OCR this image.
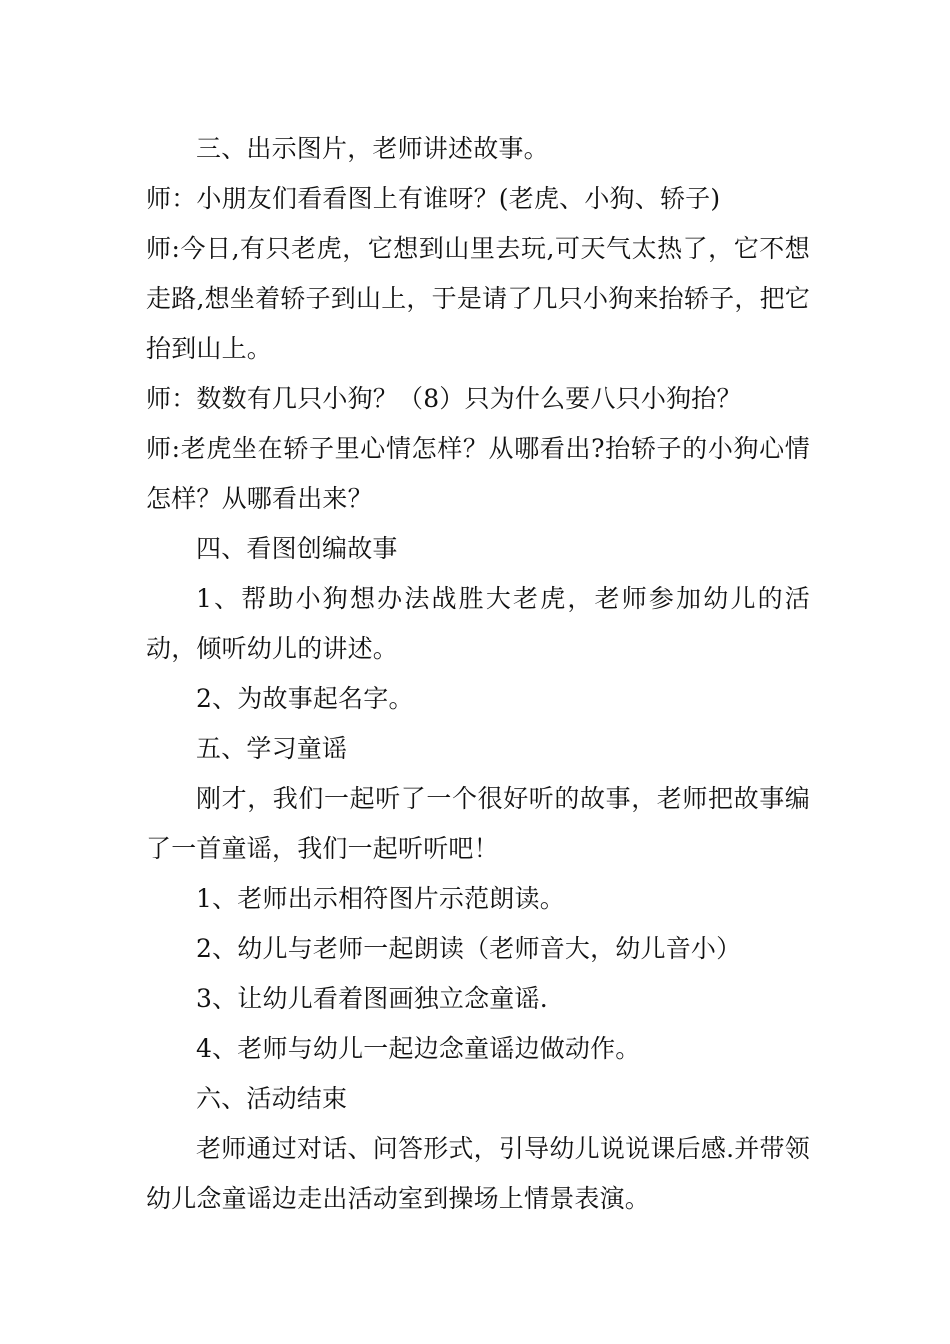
三、出示图片，老师讲述故事。

师：小朋友们看看图上有谁呀？(老虎、小狗、轿子)

师:今日,有只老虎，它想到山里去玩,可天气太热了，它不想走路,想坐着轿子到山上，于是请了几只小狗来抬轿子，把它抬到山上。

师：数数有几只小狗？（8）只为什么要八只小狗抬？

师:老虎坐在轿子里心情怎样？从哪看出?抬轿子的小狗心情怎样？从哪看出来？

四、看图创编故事

1、帮助小狗想办法战胜大老虎，老师参加幼儿的活动，倾听幼儿的讲述。

2、为故事起名字。

五、学习童谣

刚才，我们一起听了一个很好听的故事，老师把故事编了一首童谣，我们一起听听吧！

1、老师出示相符图片示范朗读。

2、幼儿与老师一起朗读（老师音大，幼儿音小）

3、让幼儿看着图画独立念童谣.

4、老师与幼儿一起边念童谣边做动作。

六、活动结束

老师通过对话、问答形式，引导幼儿说说课后感.并带领幼儿念童谣边走出活动室到操场上情景表演。
